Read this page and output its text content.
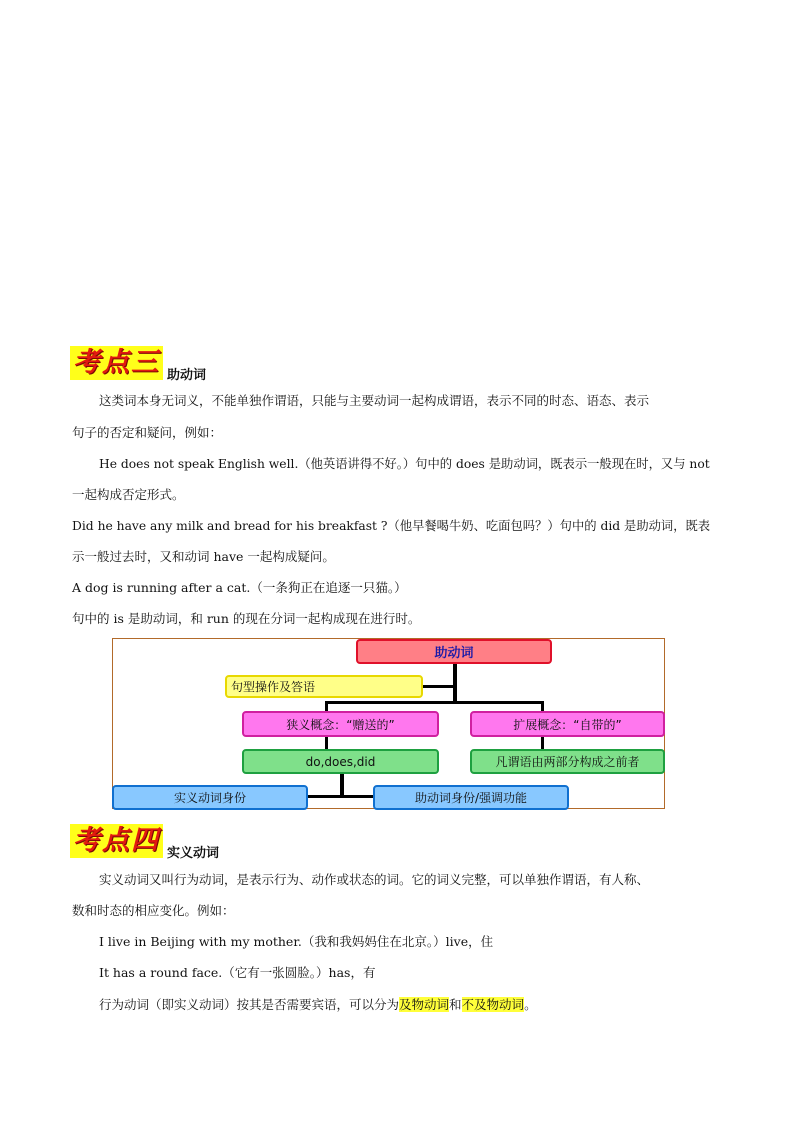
考点三 助动词
这类词本身无词义，不能单独作谓语，只能与主要动词一起构成谓语，表示不同的时态、语态、表示
句子的否定和疑问，例如：
He does not speak English well.（他英语讲得不好。）句中的 does 是助动词，既表示一般现在时，又与 not
一起构成否定形式。
Did he have any milk and bread for his breakfast ?（他早餐喝牛奶、吃面包吗？）句中的 did 是助动词，既表
示一般过去时，又和动词 have 一起构成疑问。
A dog is running after a cat.（一条狗正在追逐一只猫。）
句中的 is 是助动词，和 run 的现在分词一起构成现在进行时。
助动词
句型操作及答语
狭义概念：“赠送的”	扩展概念：“自带的”
do,does,did	凡谓语由两部分构成之前者
实义动词身份	助动词身份/强调功能
考点四 实义动词
实义动词又叫行为动词，是表示行为、动作或状态的词。它的词义完整，可以单独作谓语，有人称、
数和时态的相应变化。例如：
I live in Beijing with my mother.（我和我妈妈住在北京。）live，住
It has a round face.（它有一张圆脸。）has，有
行为动词（即实义动词）按其是否需要宾语，可以分为及物动词和不及物动词。
